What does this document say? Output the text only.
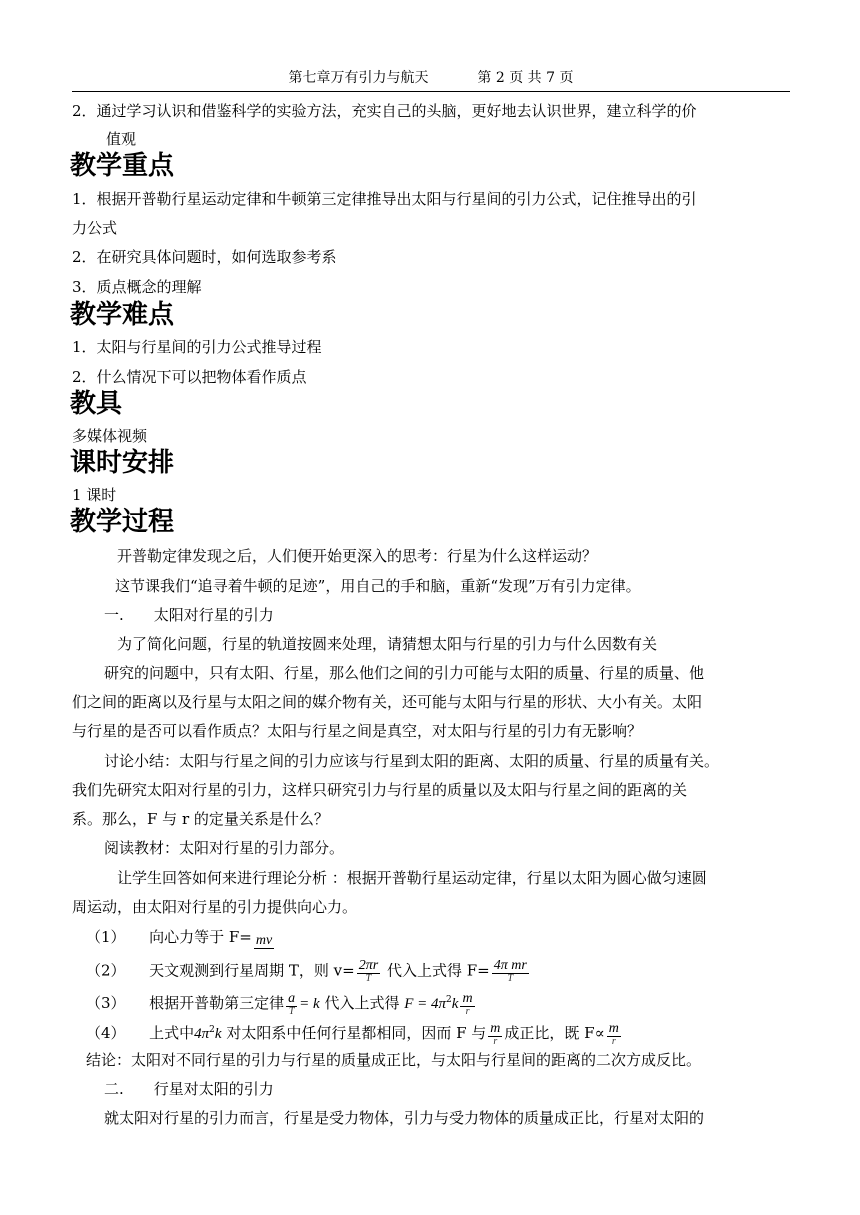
第七章万有引力与航天	第 2 页 共 7 页
2．通过学习认识和借鉴科学的实验方法，充实自己的头脑，更好地去认识世界，建立科学的价
值观
教学重点
1．根据开普勒行星运动定律和牛顿第三定律推导出太阳与行星间的引力公式，记住推导出的引
力公式
2．在研究具体问题时，如何选取参考系
3．质点概念的理解
教学难点
1．太阳与行星间的引力公式推导过程
2．什么情况下可以把物体看作质点
教具
多媒体视频
课时安排
1 课时
教学过程
开普勒定律发现之后，人们便开始更深入的思考：行星为什么这样运动？
这节课我们“追寻着牛顿的足迹”，用自己的手和脑，重新“发现”万有引力定律。
一.　　太阳对行星的引力
为了简化问题，行星的轨道按圆来处理，请猜想太阳与行星的引力与什么因数有关
研究的问题中，只有太阳、行星，那么他们之间的引力可能与太阳的质量、行星的质量、他
们之间的距离以及行星与太阳之间的媒介物有关，还可能与太阳与行星的形状、大小有关。太阳
与行星的是否可以看作质点？太阳与行星之间是真空，对太阳与行星的引力有无影响？
讨论小结：太阳与行星之间的引力应该与行星到太阳的距离、太阳的质量、行星的质量有关。
我们先研究太阳对行星的引力，这样只研究引力与行星的质量以及太阳与行星之间的距离的关
系。那么，F 与 r 的定量关系是什么？
阅读教材：太阳对行星的引力部分。
让学生回答如何来进行理论分析 ：根据开普勒行星运动定律，行星以太阳为圆心做匀速圆
周运动，由太阳对行星的引力提供向心力。
（1） 向心力等于 F= mv
（2） 天文观测到行星周期 T，则 $v= \frac{2\pi r}{T}$ 代入上式得 $F= \frac{\text{4π mr}}{T}$
（3） 根据开普勒第三定律 $\frac{a}{T} = k$ 代入上式得 $F = 4\pi^2k \frac{m}{r}$
（4） 上式中$4\pi^2k$ 对太阳系中任何行星都相同，因而 F 与 $\frac{m}{r}$ 成正比，既 $F\propto \frac{m}{r}$
结论：太阳对不同行星的引力与行星的质量成正比，与太阳与行星间的距离的二次方成反比。
二.　　行星对太阳的引力
就太阳对行星的引力而言，行星是受力物体，引力与受力物体的质量成正比，行星对太阳的
